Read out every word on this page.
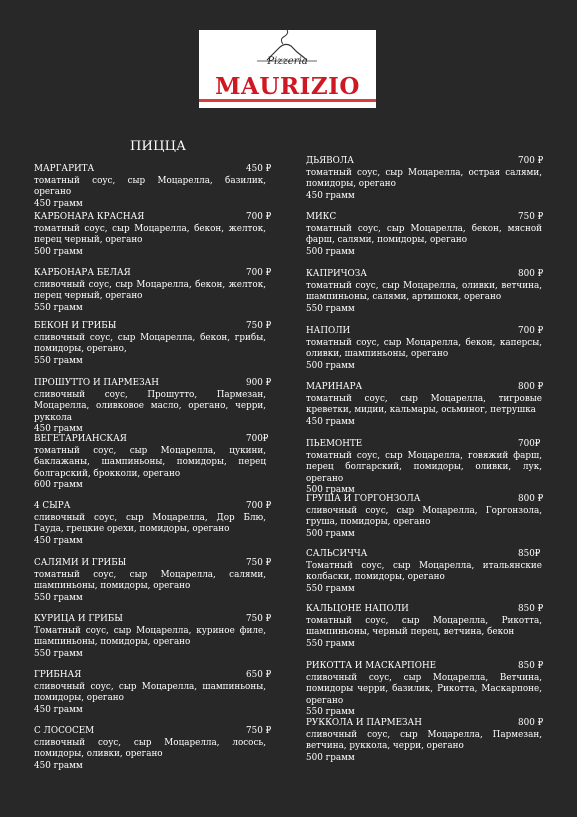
Pizzeria
MAURIZIO
ПИЦЦА
МАРГАРИТА	450 ₽
томатный соус, сыр Моцарелла, базилик, орегано
450 грамм
КАРБОНАРА КРАСНАЯ	700 ₽
томатный соус, сыр Моцарелла, бекон, желток, перец черный, орегано
500 грамм
КАРБОНАРА БЕЛАЯ	700 ₽
сливочный соус, сыр Моцарелла, бекон, желток, перец черный, орегано
550 грамм
БЕКОН И ГРИБЫ	750 ₽
сливочный соус, сыр Моцарелла, бекон, грибы, помидоры, орегано,
550 грамм
ПРОШУТТО И ПАРМЕЗАН	900 ₽
сливочный соус, Прошутто, Пармезан, Моцарелла, оливковое масло, орегано, черри, руккола
450 грамм
ВЕГЕТАРИАНСКАЯ	700₽
томатный соус, сыр Моцарелла, цукини, баклажаны, шампиньоны, помидоры, перец болгарский, брокколи, орегано
600 грамм
4 СЫРА	700 ₽
сливочный соус, сыр Моцарелла, Дор Блю, Гауда, грецкие орехи, помидоры, орегано
450 грамм
САЛЯМИ И ГРИБЫ	750 ₽
томатный соус, сыр Моцарелла, салями, шампиньоны, помидоры, орегано
550 грамм
КУРИЦА И ГРИБЫ	750 ₽
Томатный соус, сыр Моцарелла, куриное филе, шампиньоны, помидоры, орегано
550 грамм
ГРИБНАЯ	650 ₽
сливочный соус, сыр Моцарелла, шампиньоны, помидоры, орегано
450 грамм
С ЛОСОСЕМ	750 ₽
сливочный соус, сыр Моцарелла, лосось, помидоры, оливки, орегано
450 грамм
ДЬЯВОЛА	700 ₽
томатный соус, сыр Моцарелла, острая салями, помидоры, орегано
450 грамм
МИКС	750 ₽
томатный соус, сыр Моцарелла, бекон, мясной фарш, салями, помидоры, орегано
500 грамм
КАПРИЧОЗА	800 ₽
томатный соус, сыр Моцарелла, оливки, ветчина, шампиньоны, салями, артишоки, орегано
550 грамм
НАПОЛИ	700 ₽
томатный соус, сыр Моцарелла, бекон, каперсы, оливки, шампиньоны, орегано
500 грамм
МАРИНАРА	800 ₽
томатный соус, сыр Моцарелла, тигровые креветки, мидии, кальмары, осьминог, петрушка
450 грамм
ПЬЕМОНТЕ	700₽
томатный соус, сыр Моцарелла, говяжий фарш, перец болгарский, помидоры, оливки, лук, орегано
500 грамм
ГРУША И ГОРГОНЗОЛА	800 ₽
сливочный соус, сыр Моцарелла, Горгонзола, груша, помидоры, орегано
500 грамм
САЛЬСИЧЧА	850₽
Томатный соус, сыр Моцарелла, итальянские колбаски, помидоры, орегано
550 грамм
КАЛЬЦОНЕ НАПОЛИ	850 ₽
томатный соус, сыр Моцарелла, Рикотта, шампиньоны, черный перец, ветчина, бекон
550 грамм
РИКОТТА И МАСКАРПОНЕ	850 ₽
сливочный соус, сыр Моцарелла, Ветчина, помидоры черри, базилик, Рикотта, Маскарпоне, орегано
550 грамм
РУККОЛА И ПАРМЕЗАН	800 ₽
сливочный соус, сыр Моцарелла, Пармезан, ветчина, руккола, черри, орегано
500 грамм
